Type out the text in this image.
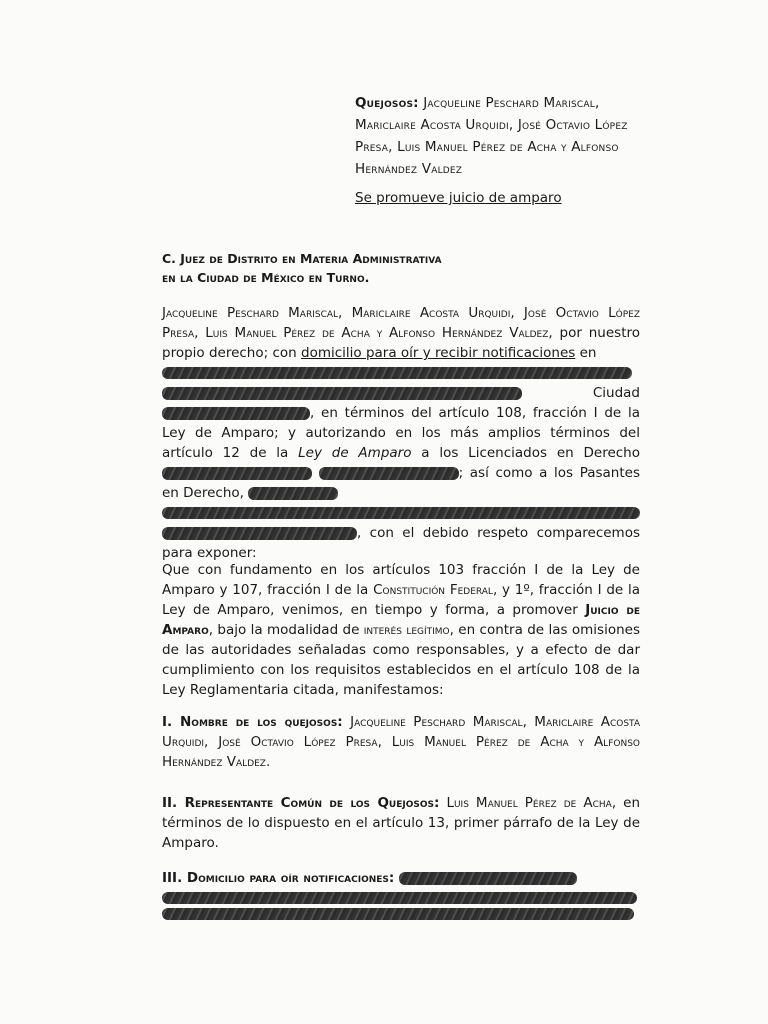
Quejosos: Jacqueline Peschard Mariscal, Mariclaire Acosta Urquidi, José Octavio López Presa, Luis Manuel Pérez de Acha y Alfonso Hernández Valdez
Se promueve juicio de amparo
C. Juez de Distrito en Materia Administrativa
en la Ciudad de México en Turno.
Jacqueline Peschard Mariscal, Mariclaire Acosta Urquidi, José Octavio López Presa, Luis Manuel Pérez de Acha y Alfonso Hernández Valdez, por nuestro propio derecho; con domicilio para oír y recibir notificaciones en
Ciudad , en términos del artículo 108, fracción I de la Ley de Amparo; y autorizando en los más amplios términos del artículo 12 de la Ley de Amparo a los Licenciados en Derecho  ; así como a los Pasantes en Derecho,
, con el debido respeto comparecemos para exponer:
Que con fundamento en los artículos 103 fracción I de la Ley de Amparo y 107, fracción I de la Constitución Federal, y 1º, fracción I de la Ley de Amparo, venimos, en tiempo y forma, a promover Juicio de Amparo, bajo la modalidad de interés legítimo, en contra de las omisiones de las autoridades señaladas como responsables, y a efecto de dar cumplimiento con los requisitos establecidos en el artículo 108 de la Ley Reglamentaria citada, manifestamos:
I. Nombre de los quejosos: Jacqueline Peschard Mariscal, Mariclaire Acosta Urquidi, José Octavio López Presa, Luis Manuel Pérez de Acha y Alfonso Hernández Valdez.
II. Representante Común de los Quejosos: Luis Manuel Pérez de Acha, en términos de lo dispuesto en el artículo 13, primer párrafo de la Ley de Amparo.
III. Domicilio para oír notificaciones:
